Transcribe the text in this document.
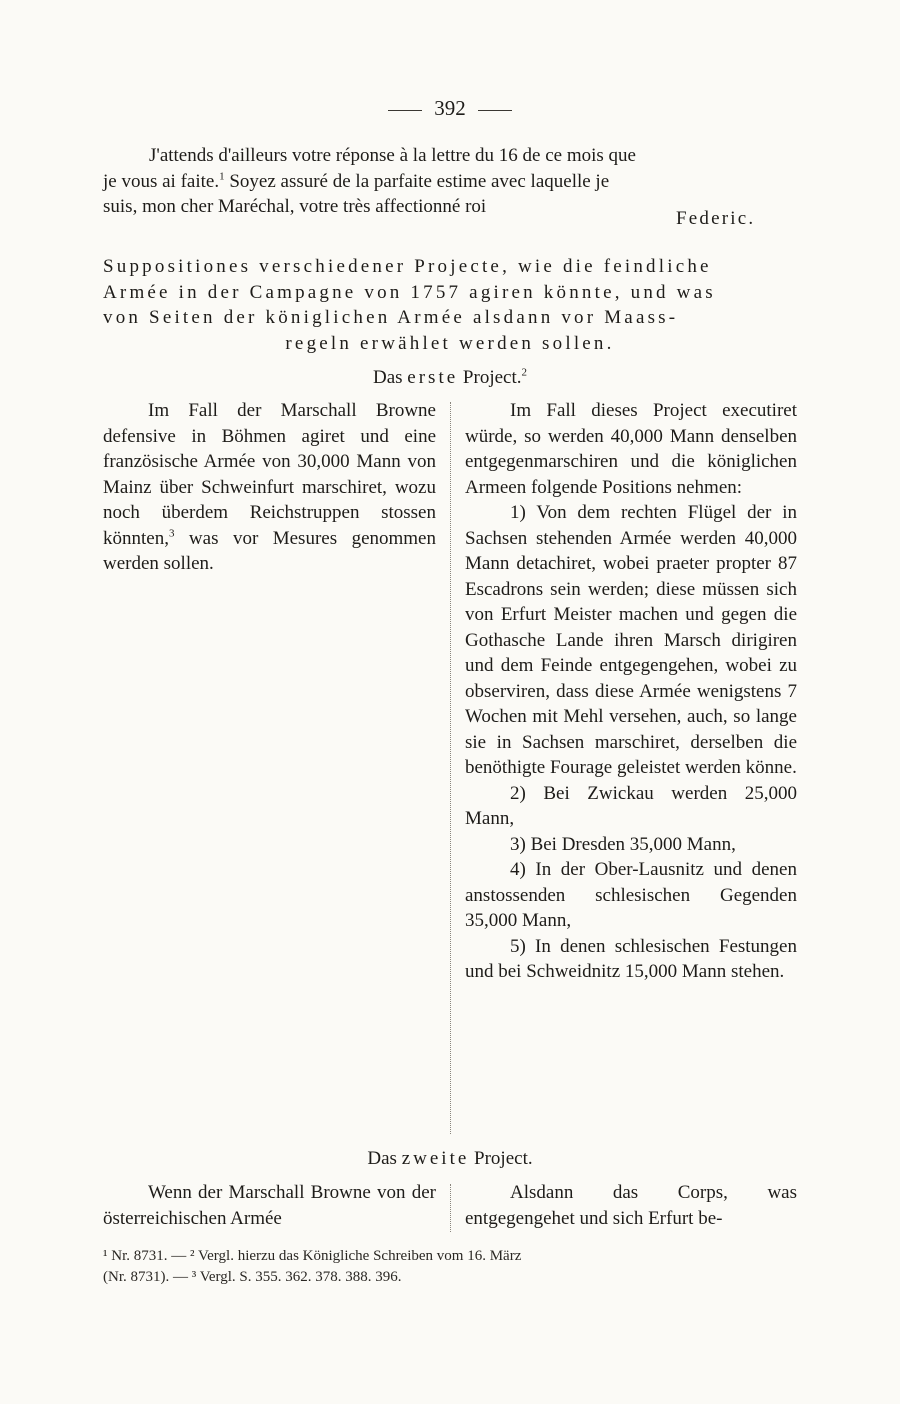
392

J'attends d'ailleurs votre réponse à la lettre du 16 de ce mois que

je vous ai faite.$^1$ Soyez assuré de la parfaite estime avec laquelle je

suis, mon cher Maréchal, votre très affectionné roi

Federic.
Suppositiones verschiedener Projecte, wie die feindliche
Armée in der Campagne von 1757 agiren könnte, und was
von Seiten der königlichen Armée alsdann vor Maass-
regeln erwählet werden sollen.
Das erste Project.$^2$

Im Fall der Marschall Browne defensive in Böhmen agiret und eine französische Armée von 30,000 Mann von Mainz über Schweinfurt marschiret, wozu noch überdem Reichstruppen stossen könnten,$^3$ was vor Mesures genommen werden sollen.

Im Fall dieses Project executiret würde, so werden 40,000 Mann denselben entgegenmarschiren und die königlichen Armeen folgende Positions nehmen:

1) Von dem rechten Flügel der in Sachsen stehenden Armée werden 40,000 Mann detachiret, wobei praeter propter 87 Escadrons sein werden; diese müssen sich von Erfurt Meister machen und gegen die Gothasche Lande ihren Marsch dirigiren und dem Feinde entgegengehen, wobei zu observiren, dass diese Armée wenigstens 7 Wochen mit Mehl versehen, auch, so lange sie in Sachsen marschiret, derselben die benöthigte Fourage geleistet werden könne.

2) Bei Zwickau werden 25,000 Mann,

3) Bei Dresden 35,000 Mann,

4) In der Ober-Lausnitz und denen anstossenden schlesischen Gegenden 35,000 Mann,

5) In denen schlesischen Festungen und bei Schweidnitz 15,000 Mann stehen.

Das zweite Project.

Wenn der Marschall Browne von der österreichischen Armée

Alsdann das Corps, was entgegengehet und sich Erfurt be-

¹ Nr. 8731. — ² Vergl. hierzu das Königliche Schreiben vom 16. März
(Nr. 8731). — ³ Vergl. S. 355. 362. 378. 388. 396.
